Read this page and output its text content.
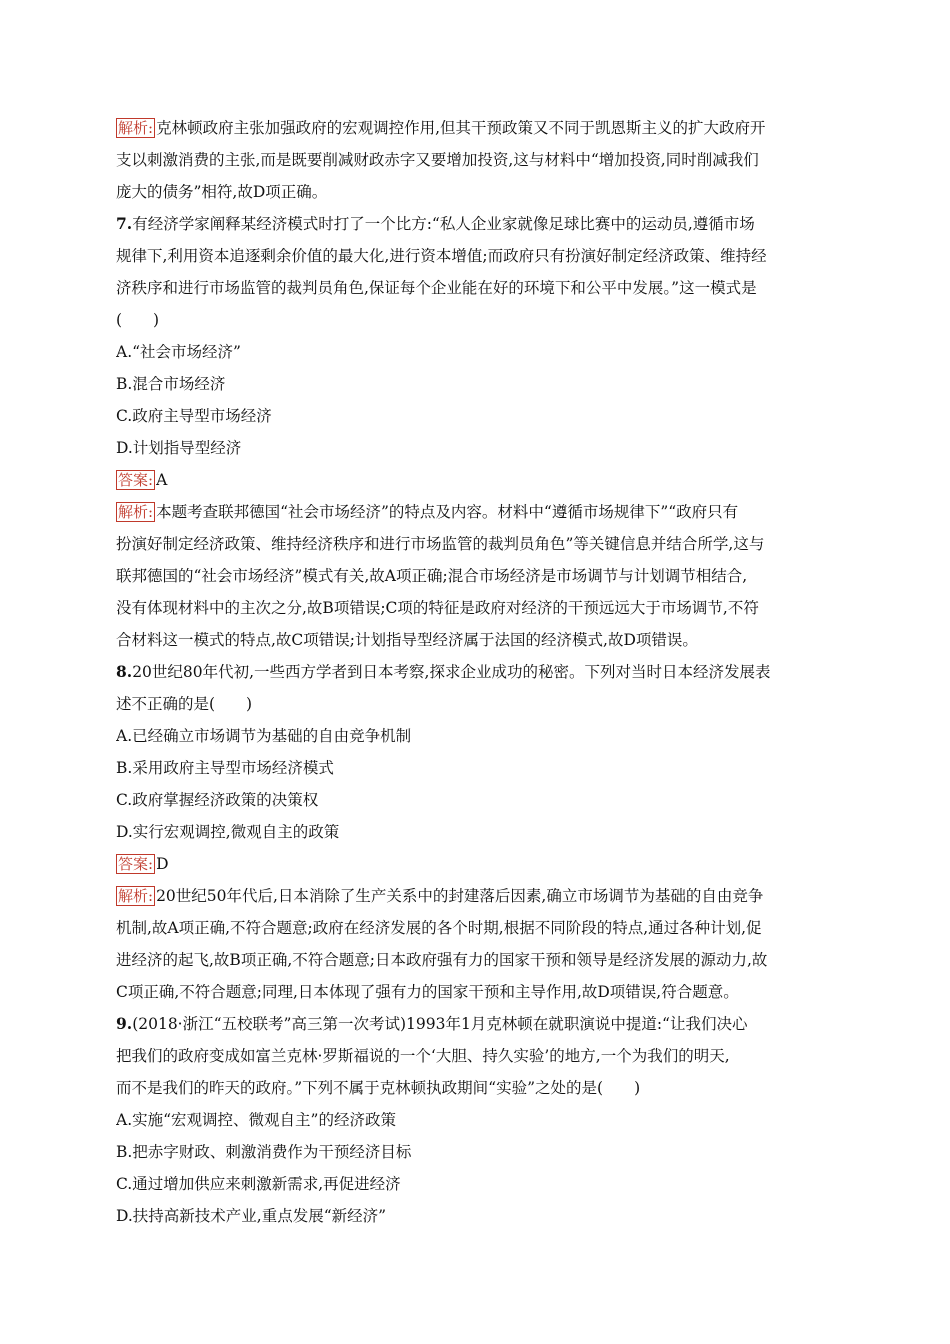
解析: 克林顿政府主张加强政府的宏观调控作用,但其干预政策又不同于凯恩斯主义的扩大政府开
支以刺激消费的主张,而是既要削减财政赤字又要增加投资,这与材料中“增加投资,同时削减我们
庞大的债务”相符,故D项正确。
7.有经济学家阐释某经济模式时打了一个比方:“私人企业家就像足球比赛中的运动员,遵循市场
规律下,利用资本追逐剩余价值的最大化,进行资本增值;而政府只有扮演好制定经济政策、维持经
济秩序和进行市场监管的裁判员角色,保证每个企业能在好的环境下和公平中发展。”这一模式是
(　　)
A.“社会市场经济”
B.混合市场经济
C.政府主导型市场经济
D.计划指导型经济
答案: A
解析: 本题考查联邦德国“社会市场经济”的特点及内容。材料中“遵循市场规律下”“政府只有
扮演好制定经济政策、维持经济秩序和进行市场监管的裁判员角色”等关键信息并结合所学,这与
联邦德国的“社会市场经济”模式有关,故A项正确;混合市场经济是市场调节与计划调节相结合,
没有体现材料中的主次之分,故B项错误;C项的特征是政府对经济的干预远远大于市场调节,不符
合材料这一模式的特点,故C项错误;计划指导型经济属于法国的经济模式,故D项错误。
8.20世纪80年代初,一些西方学者到日本考察,探求企业成功的秘密。下列对当时日本经济发展表
述不正确的是(　　)
A.已经确立市场调节为基础的自由竞争机制
B.采用政府主导型市场经济模式
C.政府掌握经济政策的决策权
D.实行宏观调控,微观自主的政策
答案: D
解析: 20世纪50年代后,日本消除了生产关系中的封建落后因素,确立市场调节为基础的自由竞争
机制,故A项正确,不符合题意;政府在经济发展的各个时期,根据不同阶段的特点,通过各种计划,促
进经济的起飞,故B项正确,不符合题意;日本政府强有力的国家干预和领导是经济发展的源动力,故
C项正确,不符合题意;同理,日本体现了强有力的国家干预和主导作用,故D项错误,符合题意。
9.(2018·浙江“五校联考”高三第一次考试)1993年1月克林顿在就职演说中提道:“让我们决心
把我们的政府变成如富兰克林·罗斯福说的一个‘大胆、持久实验’的地方,一个为我们的明天,
而不是我们的昨天的政府。”下列不属于克林顿执政期间“实验”之处的是(　　)
A.实施“宏观调控、微观自主”的经济政策
B.把赤字财政、刺激消费作为干预经济目标
C.通过增加供应来刺激新需求,再促进经济
D.扶持高新技术产业,重点发展“新经济”
